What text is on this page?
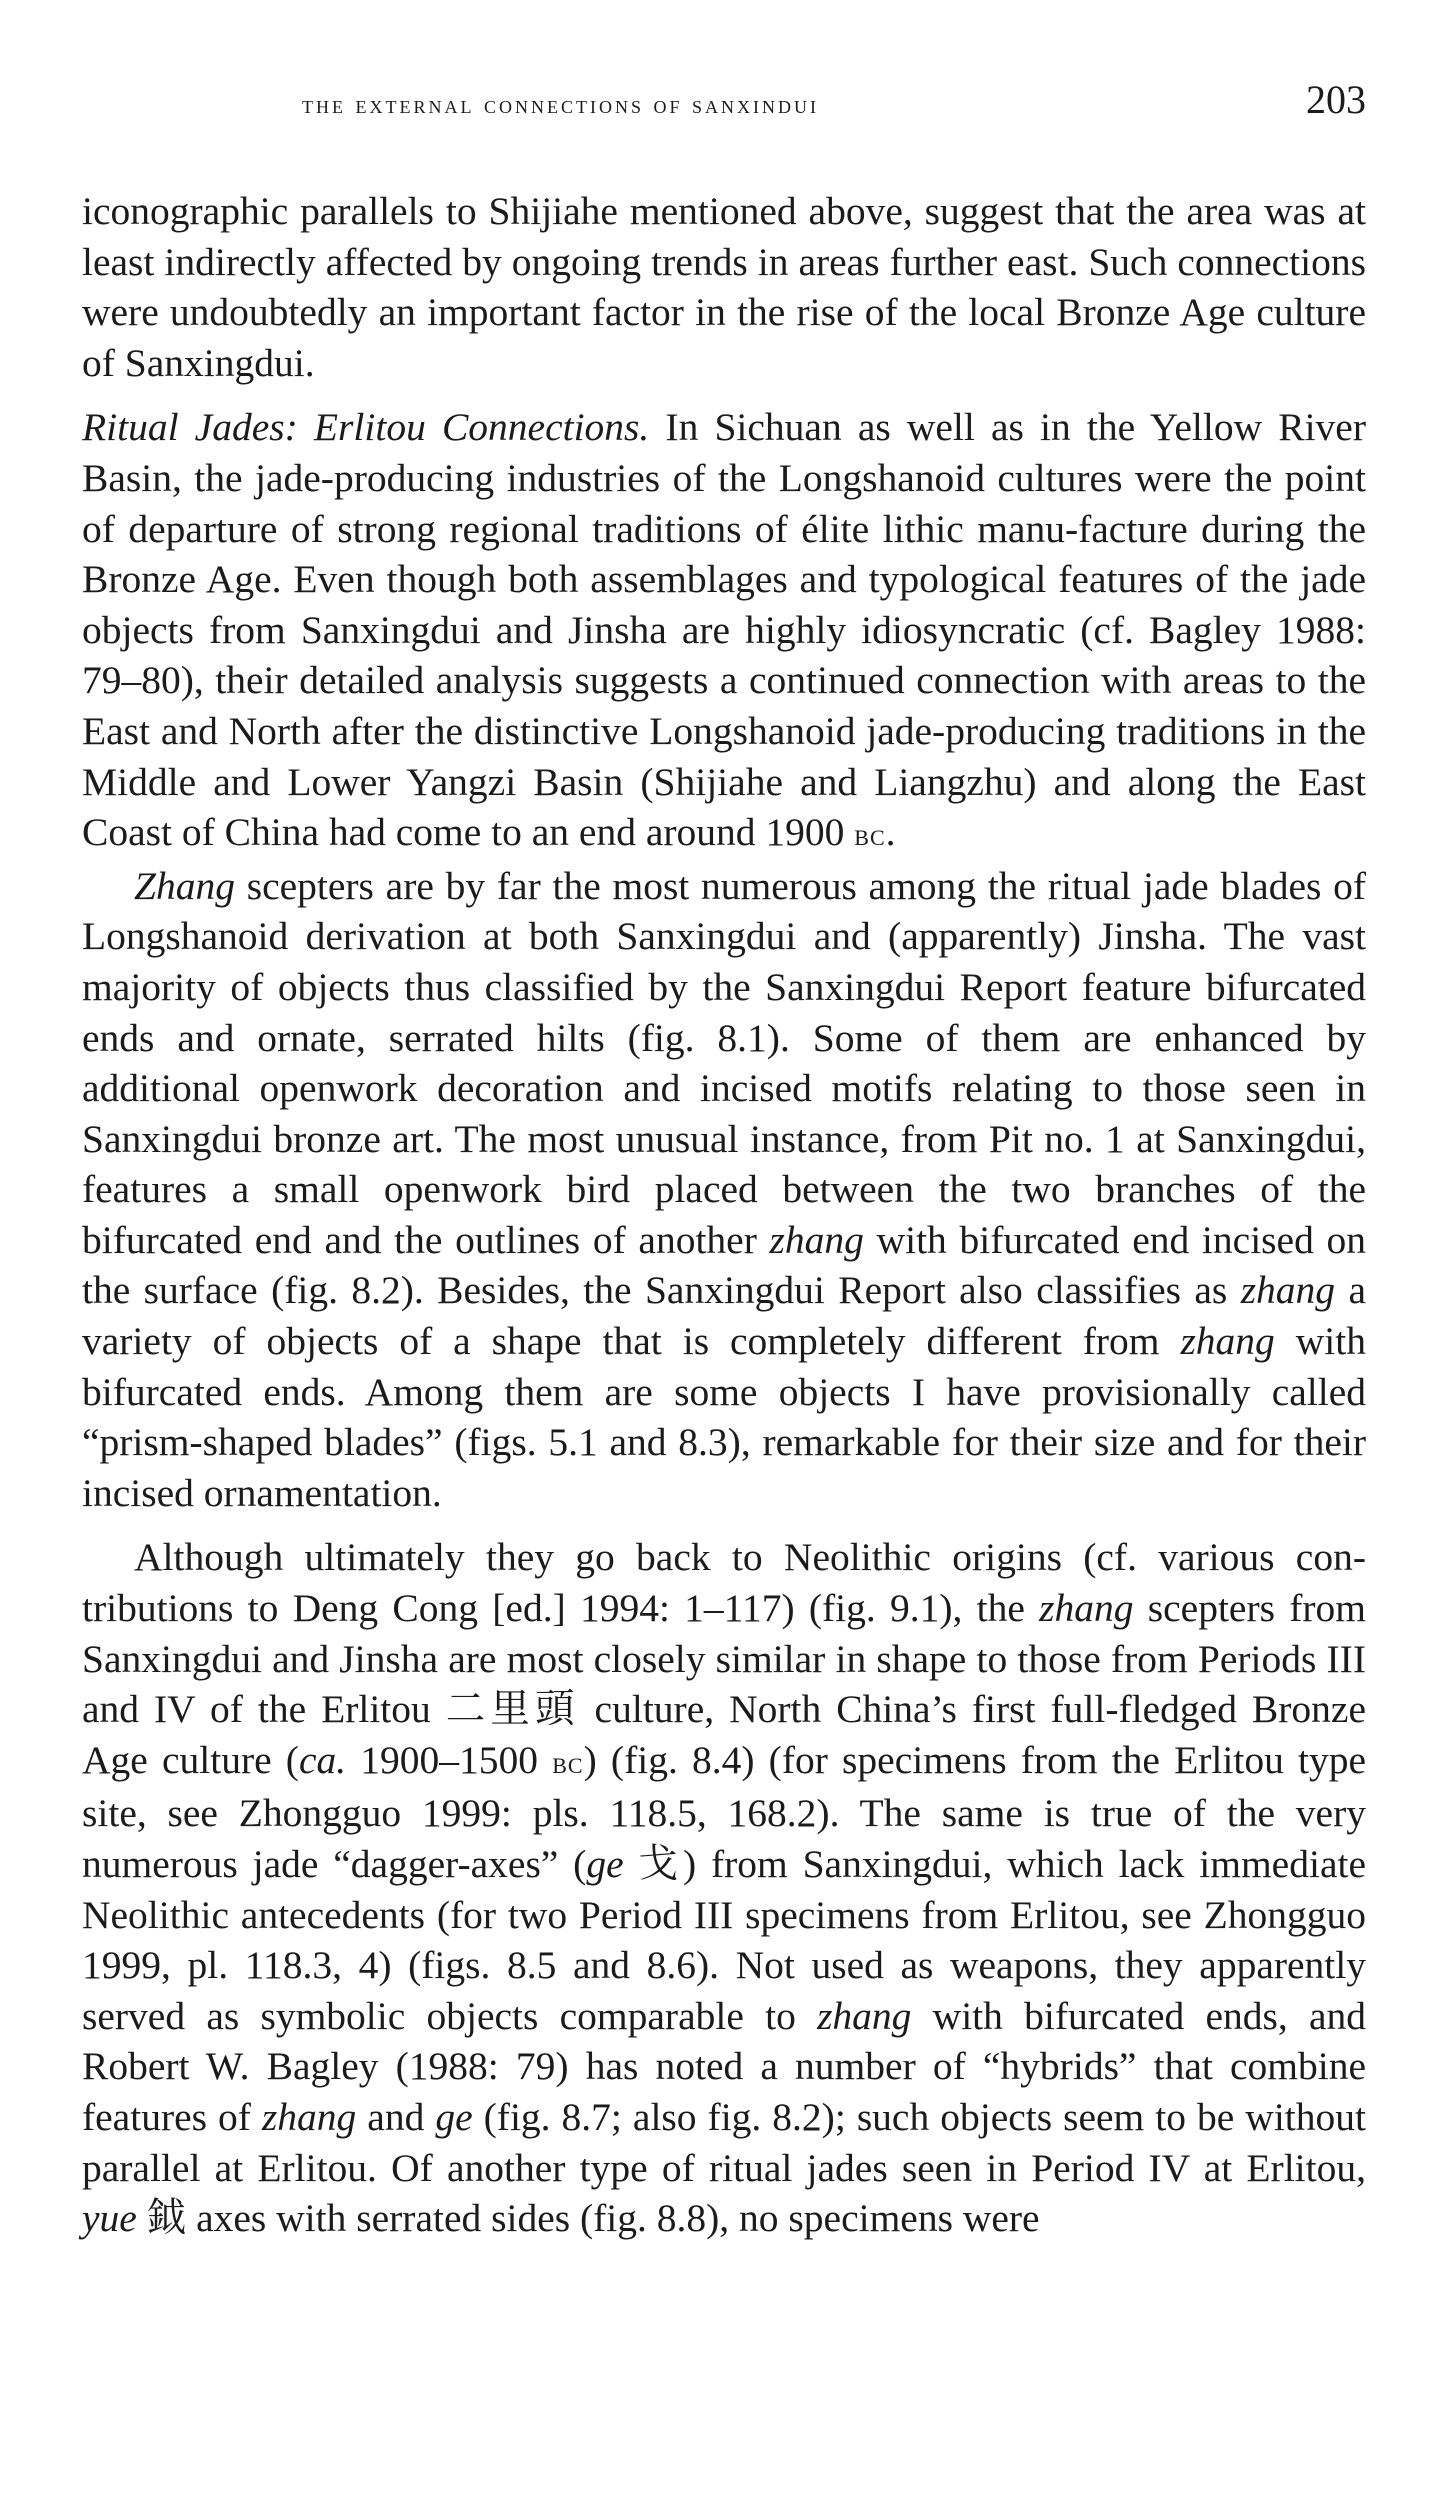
the external connections of sanxindui	203

iconographic parallels to Shijiahe mentioned above, suggest that the area was at least indirectly affected by ongoing trends in areas further east. Such connections were undoubtedly an important factor in the rise of the local Bronze Age culture of Sanxingdui.

Ritual Jades: Erlitou Connections. In Sichuan as well as in the Yellow River Basin, the jade-producing industries of the Longshanoid cultures were the point of departure of strong regional traditions of élite lithic manu-facture during the Bronze Age. Even though both assemblages and typological features of the jade objects from Sanxingdui and Jinsha are highly idiosyncratic (cf. Bagley 1988: 79–80), their detailed analysis suggests a continued connection with areas to the East and North after the distinctive Longshanoid jade-producing traditions in the Middle and Lower Yangzi Basin (Shijiahe and Liangzhu) and along the East Coast of China had come to an end around 1900 bc.

Zhang scepters are by far the most numerous among the ritual jade blades of Longshanoid derivation at both Sanxingdui and (apparently) Jinsha. The vast majority of objects thus classified by the Sanxingdui Report feature bifurcated ends and ornate, serrated hilts (fig. 8.1). Some of them are enhanced by additional openwork decoration and incised motifs relating to those seen in Sanxingdui bronze art. The most unusual instance, from Pit no. 1 at Sanxingdui, features a small openwork bird placed between the two branches of the bifurcated end and the outlines of another zhang with bifurcated end incised on the surface (fig. 8.2). Besides, the Sanxingdui Report also classifies as zhang a variety of objects of a shape that is completely different from zhang with bifurcated ends. Among them are some objects I have provisionally called “prism-shaped blades” (figs. 5.1 and 8.3), remarkable for their size and for their incised ornamentation.

Although ultimately they go back to Neolithic origins (cf. various con-tributions to Deng Cong [ed.] 1994: 1–117) (fig. 9.1), the zhang scepters from Sanxingdui and Jinsha are most closely similar in shape to those from Periods III and IV of the Erlitou 二里頭 culture, North China’s first full-fledged Bronze Age culture (ca. 1900–1500 bc) (fig. 8.4) (for specimens from the Erlitou type site, see Zhongguo 1999: pls. 118.5, 168.2). The same is true of the very numerous jade “dagger-axes” (ge 戈) from Sanxingdui, which lack immediate Neolithic antecedents (for two Period III specimens from Erlitou, see Zhongguo 1999, pl. 118.3, 4) (figs. 8.5 and 8.6). Not used as weapons, they apparently served as symbolic objects comparable to zhang with bifurcated ends, and Robert W. Bagley (1988: 79) has noted a number of “hybrids” that combine features of zhang and ge (fig. 8.7; also fig. 8.2); such objects seem to be without parallel at Erlitou. Of another type of ritual jades seen in Period IV at Erlitou, yue 鉞 axes with serrated sides (fig. 8.8), no specimens were
